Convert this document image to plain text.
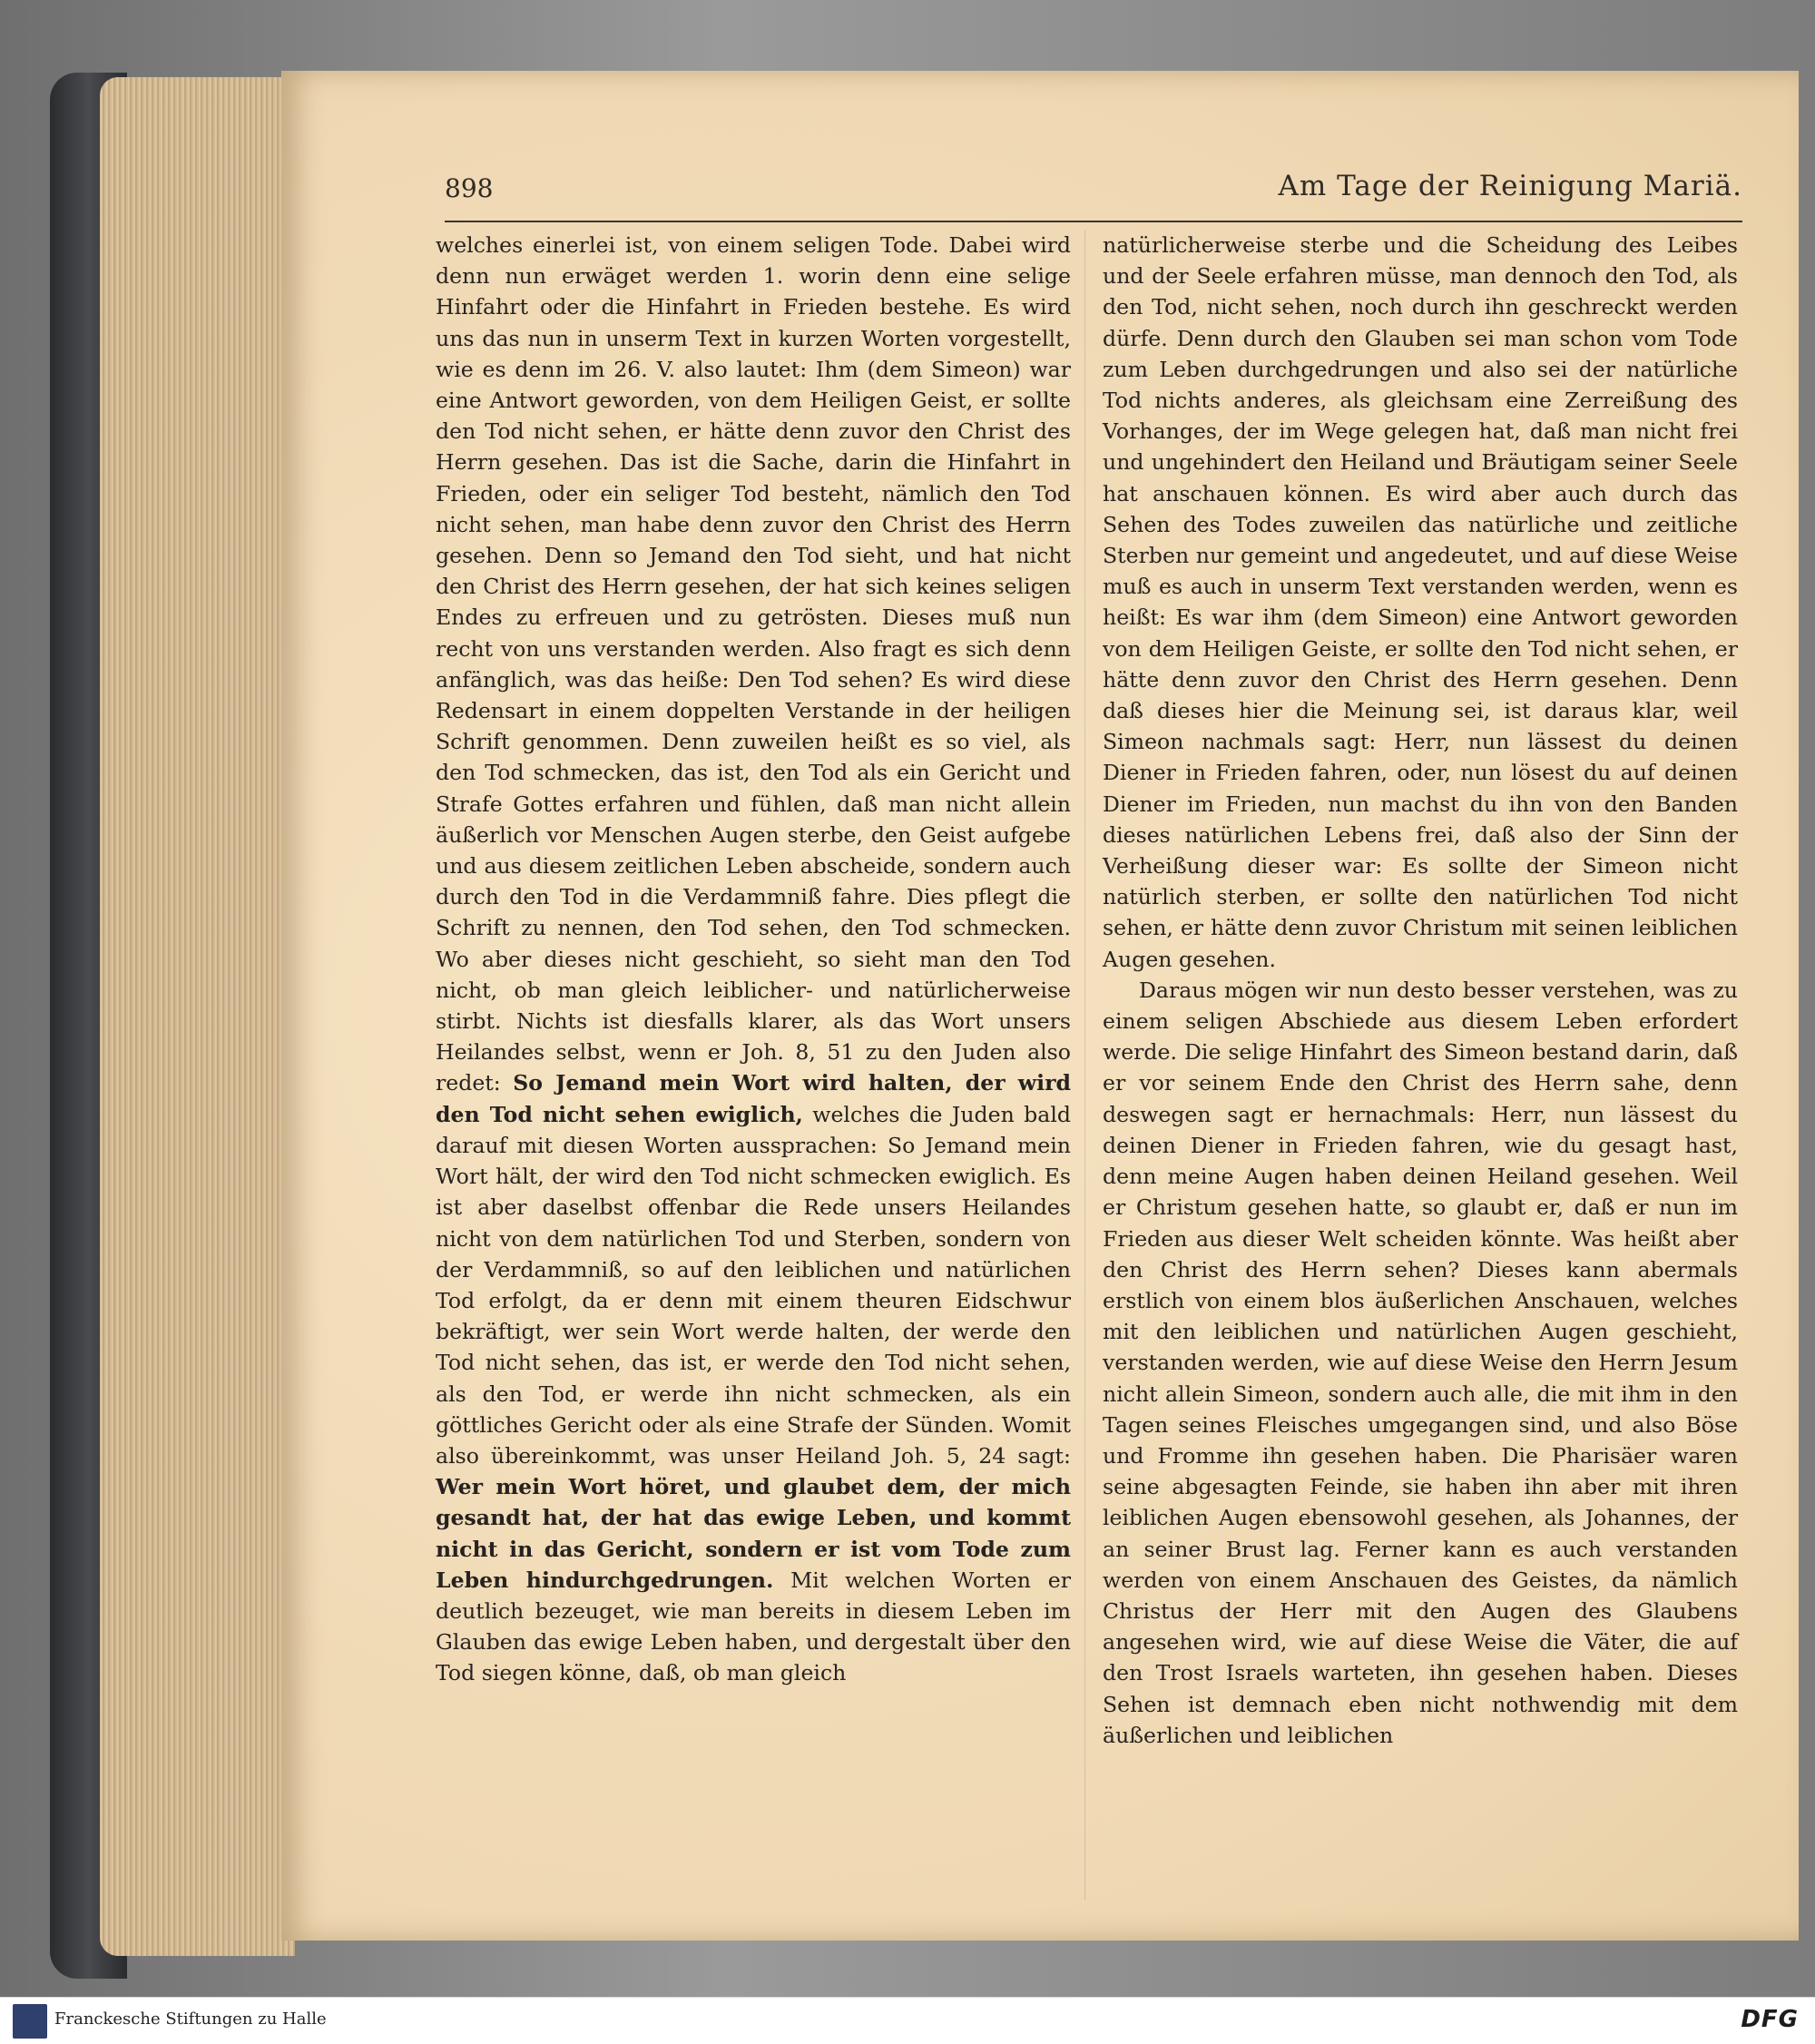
898	Am Tage der Reinigung Mariä.

welches einerlei ist, von einem seligen Tode. Dabei wird denn nun erwäget werden 1. worin denn eine selige Hinfahrt oder die Hinfahrt in Frieden bestehe. Es wird uns das nun in unserm Text in kurzen Worten vorgestellt, wie es denn im 26. V. also lautet: Ihm (dem Simeon) war eine Antwort geworden, von dem Heiligen Geist, er sollte den Tod nicht sehen, er hätte denn zuvor den Christ des Herrn gesehen. Das ist die Sache, darin die Hinfahrt in Frieden, oder ein seliger Tod besteht, nämlich den Tod nicht sehen, man habe denn zuvor den Christ des Herrn gesehen. Denn so Jemand den Tod sieht, und hat nicht den Christ des Herrn gesehen, der hat sich keines seligen Endes zu erfreuen und zu getrösten. Dieses muß nun recht von uns verstanden werden. Also fragt es sich denn anfänglich, was das heiße: Den Tod sehen? Es wird diese Redensart in einem doppelten Verstande in der heiligen Schrift genommen. Denn zuweilen heißt es so viel, als den Tod schmecken, das ist, den Tod als ein Gericht und Strafe Gottes erfahren und fühlen, daß man nicht allein äußerlich vor Menschen Augen sterbe, den Geist aufgebe und aus diesem zeitlichen Leben abscheide, sondern auch durch den Tod in die Verdammniß fahre. Dies pflegt die Schrift zu nennen, den Tod sehen, den Tod schmecken. Wo aber dieses nicht geschieht, so sieht man den Tod nicht, ob man gleich leiblicher- und natürlicherweise stirbt. Nichts ist diesfalls klarer, als das Wort unsers Heilandes selbst, wenn er Joh. 8, 51 zu den Juden also redet: So Jemand mein Wort wird halten, der wird den Tod nicht sehen ewiglich, welches die Juden bald darauf mit diesen Worten aussprachen: So Jemand mein Wort hält, der wird den Tod nicht schmecken ewiglich. Es ist aber daselbst offenbar die Rede unsers Heilandes nicht von dem natürlichen Tod und Sterben, sondern von der Verdammniß, so auf den leiblichen und natürlichen Tod erfolgt, da er denn mit einem theuren Eidschwur bekräftigt, wer sein Wort werde halten, der werde den Tod nicht sehen, das ist, er werde den Tod nicht sehen, als den Tod, er werde ihn nicht schmecken, als ein göttliches Gericht oder als eine Strafe der Sünden. Womit also übereinkommt, was unser Heiland Joh. 5, 24 sagt: Wer mein Wort höret, und glaubet dem, der mich gesandt hat, der hat das ewige Leben, und kommt nicht in das Gericht, sondern er ist vom Tode zum Leben hindurchgedrungen. Mit welchen Worten er deutlich bezeuget, wie man bereits in diesem Leben im Glauben das ewige Leben haben, und dergestalt über den Tod siegen könne, daß, ob man gleich

natürlicherweise sterbe und die Scheidung des Leibes und der Seele erfahren müsse, man dennoch den Tod, als den Tod, nicht sehen, noch durch ihn geschreckt werden dürfe. Denn durch den Glauben sei man schon vom Tode zum Leben durchgedrungen und also sei der natürliche Tod nichts anderes, als gleichsam eine Zerreißung des Vorhanges, der im Wege gelegen hat, daß man nicht frei und ungehindert den Heiland und Bräutigam seiner Seele hat anschauen können. Es wird aber auch durch das Sehen des Todes zuweilen das natürliche und zeitliche Sterben nur gemeint und angedeutet, und auf diese Weise muß es auch in unserm Text verstanden werden, wenn es heißt: Es war ihm (dem Simeon) eine Antwort geworden von dem Heiligen Geiste, er sollte den Tod nicht sehen, er hätte denn zuvor den Christ des Herrn gesehen. Denn daß dieses hier die Meinung sei, ist daraus klar, weil Simeon nachmals sagt: Herr, nun lässest du deinen Diener in Frieden fahren, oder, nun lösest du auf deinen Diener im Frieden, nun machst du ihn von den Banden dieses natürlichen Lebens frei, daß also der Sinn der Verheißung dieser war: Es sollte der Simeon nicht natürlich sterben, er sollte den natürlichen Tod nicht sehen, er hätte denn zuvor Christum mit seinen leiblichen Augen gesehen.

Daraus mögen wir nun desto besser verstehen, was zu einem seligen Abschiede aus diesem Leben erfordert werde. Die selige Hinfahrt des Simeon bestand darin, daß er vor seinem Ende den Christ des Herrn sahe, denn deswegen sagt er hernachmals: Herr, nun lässest du deinen Diener in Frieden fahren, wie du gesagt hast, denn meine Augen haben deinen Heiland gesehen. Weil er Christum gesehen hatte, so glaubt er, daß er nun im Frieden aus dieser Welt scheiden könnte. Was heißt aber den Christ des Herrn sehen? Dieses kann abermals erstlich von einem blos äußerlichen Anschauen, welches mit den leiblichen und natürlichen Augen geschieht, verstanden werden, wie auf diese Weise den Herrn Jesum nicht allein Simeon, sondern auch alle, die mit ihm in den Tagen seines Fleisches umgegangen sind, und also Böse und Fromme ihn gesehen haben. Die Pharisäer waren seine abgesagten Feinde, sie haben ihn aber mit ihren leiblichen Augen ebensowohl gesehen, als Johannes, der an seiner Brust lag. Ferner kann es auch verstanden werden von einem Anschauen des Geistes, da nämlich Christus der Herr mit den Augen des Glaubens angesehen wird, wie auf diese Weise die Väter, die auf den Trost Israels warteten, ihn gesehen haben. Dieses Sehen ist demnach eben nicht nothwendig mit dem äußerlichen und leiblichen

Franckesche Stiftungen zu Halle	DFG
